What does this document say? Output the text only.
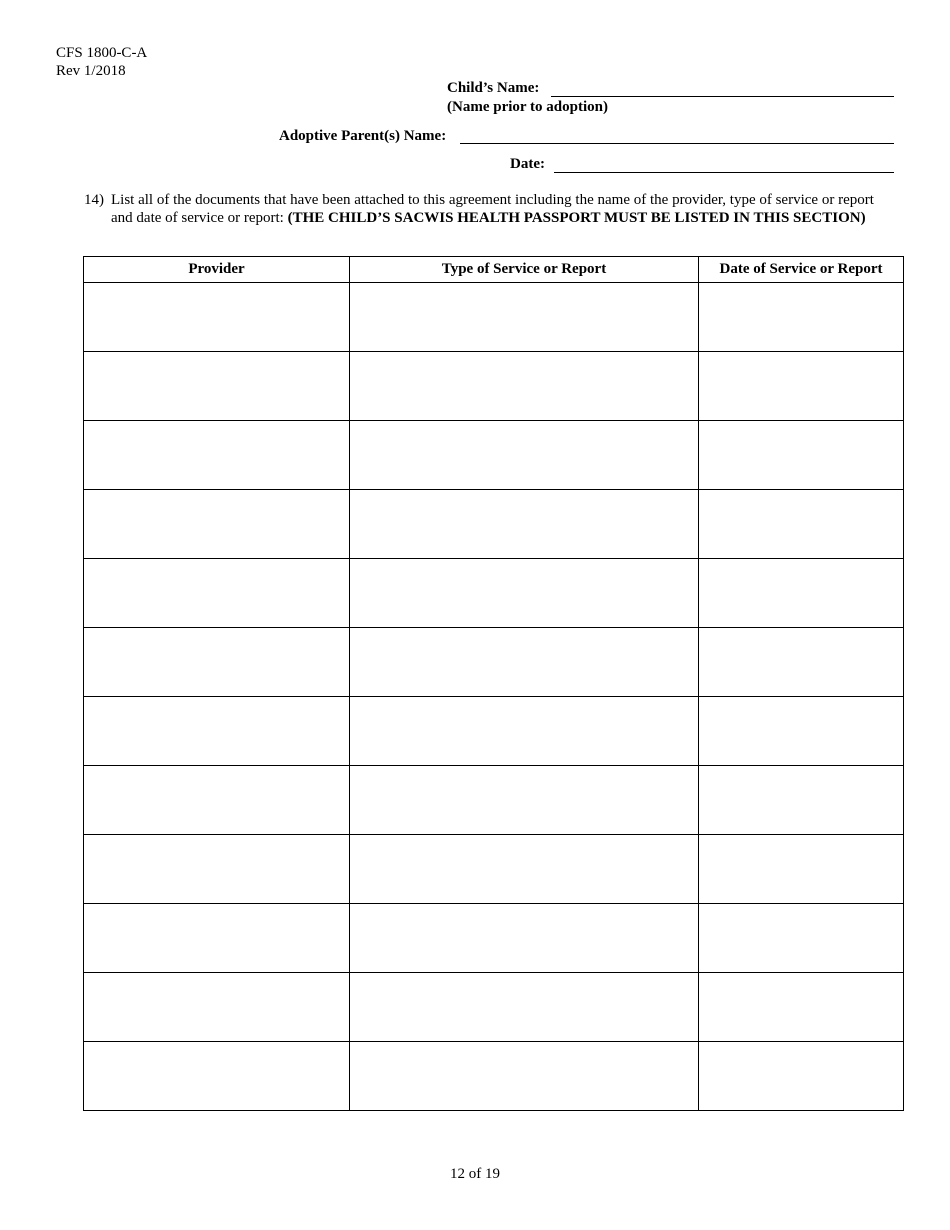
CFS 1800-C-A
Rev 1/2018
Child’s Name:
(Name prior to adoption)
Adoptive Parent(s) Name:
Date:
14) List all of the documents that have been attached to this agreement including the name of the provider, type of service or report and date of service or report: (THE CHILD’S SACWIS HEALTH PASSPORT MUST BE LISTED IN THIS SECTION)
Provider	Type of Service or Report	Date of Service or Report

12 of 19
